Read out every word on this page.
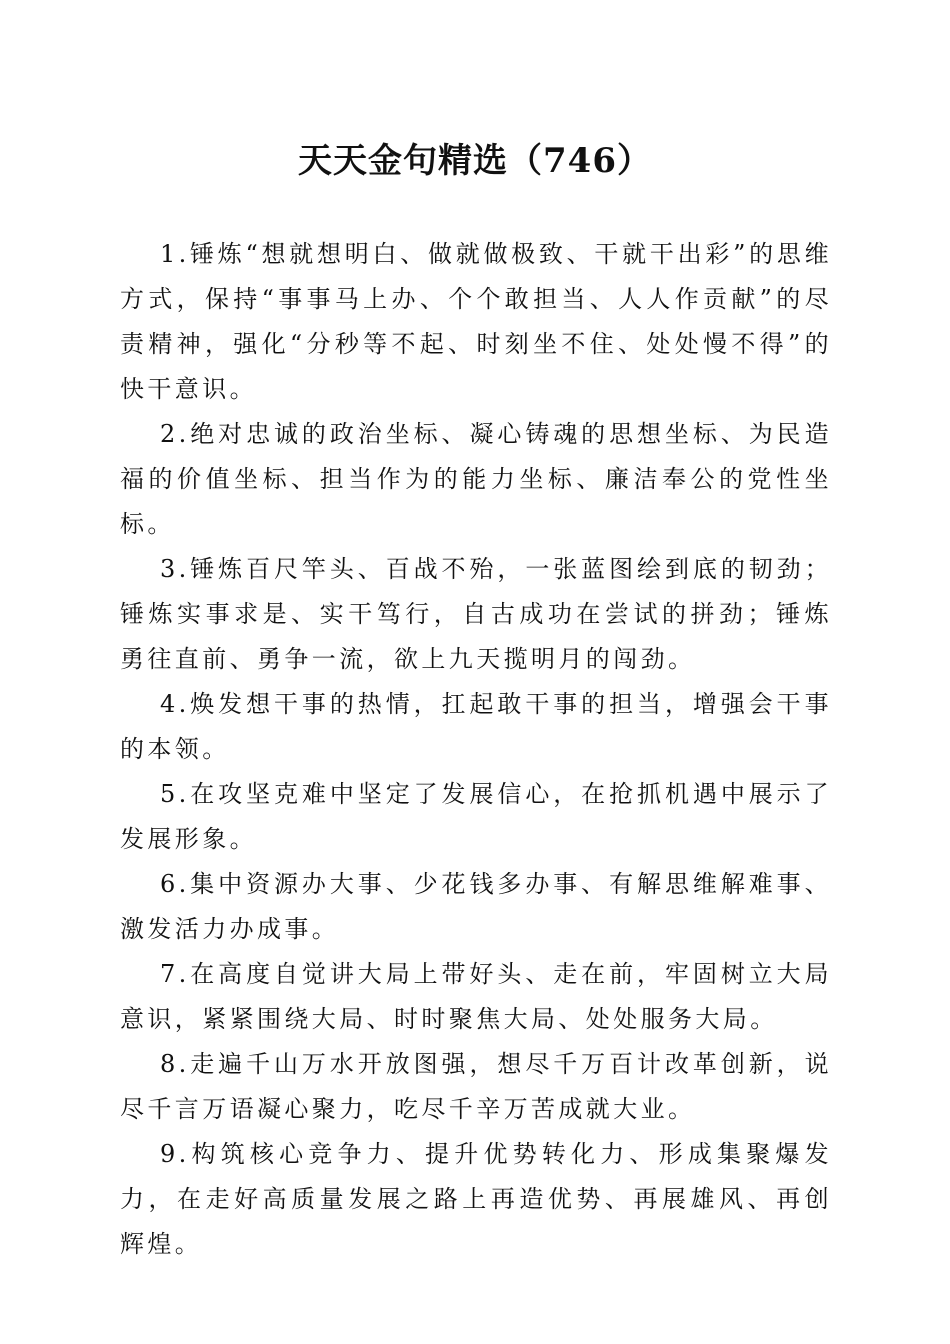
天天金句精选（746）

1.锤炼“想就想明白、做就做极致、干就干出彩”的思维方式，保持“事事马上办、个个敢担当、人人作贡献”的尽责精神，强化“分秒等不起、时刻坐不住、处处慢不得”的快干意识。

2.绝对忠诚的政治坐标、凝心铸魂的思想坐标、为民造福的价值坐标、担当作为的能力坐标、廉洁奉公的党性坐标。

3.锤炼百尺竿头、百战不殆，一张蓝图绘到底的韧劲；锤炼实事求是、实干笃行，自古成功在尝试的拼劲；锤炼勇往直前、勇争一流，欲上九天揽明月的闯劲。

4.焕发想干事的热情，扛起敢干事的担当，增强会干事的本领。

5.在攻坚克难中坚定了发展信心，在抢抓机遇中展示了发展形象。

6.集中资源办大事、少花钱多办事、有解思维解难事、激发活力办成事。

7.在高度自觉讲大局上带好头、走在前，牢固树立大局意识，紧紧围绕大局、时时聚焦大局、处处服务大局。

8.走遍千山万水开放图强，想尽千万百计改革创新，说尽千言万语凝心聚力，吃尽千辛万苦成就大业。

9.构筑核心竞争力、提升优势转化力、形成集聚爆发力，在走好高质量发展之路上再造优势、再展雄风、再创辉煌。
